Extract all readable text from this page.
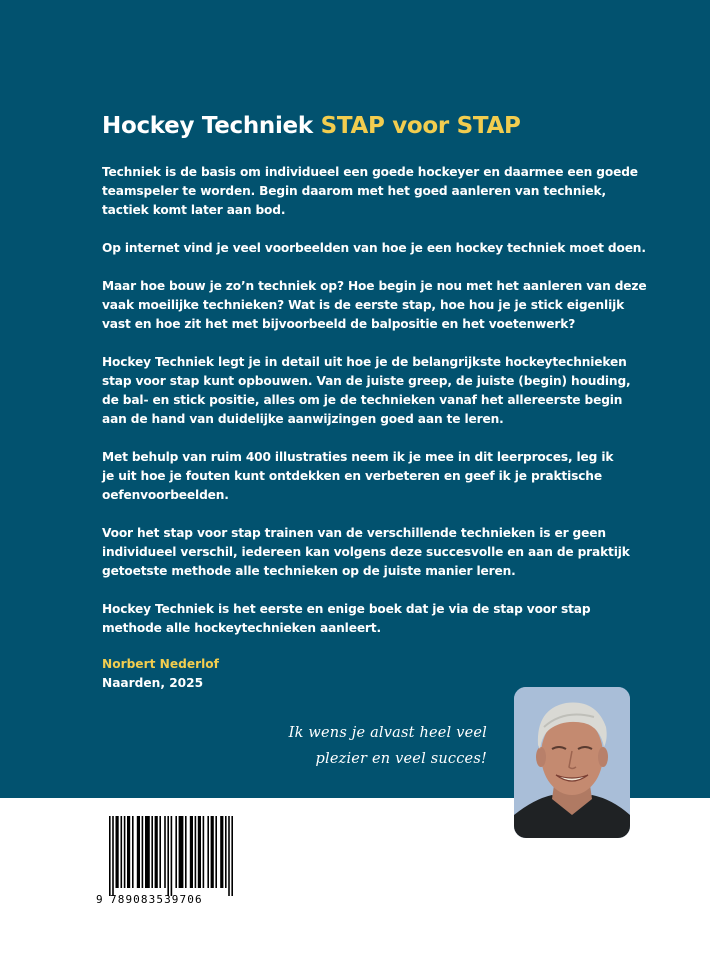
Hockey Techniek STAP voor STAP

Techniek is de basis om individueel een goede hockeyer en daarmee een goede
teamspeler te worden. Begin daarom met het goed aanleren van techniek,
tactiek komt later aan bod.

Op internet vind je veel voorbeelden van hoe je een hockey techniek moet doen.

Maar hoe bouw je zo’n techniek op? Hoe begin je nou met het aanleren van deze
vaak moeilijke technieken? Wat is de eerste stap, hoe hou je je stick eigenlijk
vast en hoe zit het met bijvoorbeeld de balpositie en het voetenwerk?

Hockey Techniek legt je in detail uit hoe je de belangrijkste hockeytechnieken
stap voor stap kunt opbouwen. Van de juiste greep, de juiste (begin) houding,
de bal- en stick positie, alles om je de technieken vanaf het allereerste begin
aan de hand van duidelijke aanwijzingen goed aan te leren.

Met behulp van ruim 400 illustraties neem ik je mee in dit leerproces, leg ik
je uit hoe je fouten kunt ontdekken en verbeteren en geef ik je praktische
oefenvoorbeelden.

Voor het stap voor stap trainen van de verschillende technieken is er geen
individueel verschil, iedereen kan volgens deze succesvolle en aan de praktijk
getoetste methode alle technieken op de juiste manier leren.

Hockey Techniek is het eerste en enige boek dat je via de stap voor stap
methode alle hockeytechnieken aanleert.

Norbert Nederlof
Naarden, 2025
Ik wens je alvast heel veel
plezier en veel succes!
9 789083539706
